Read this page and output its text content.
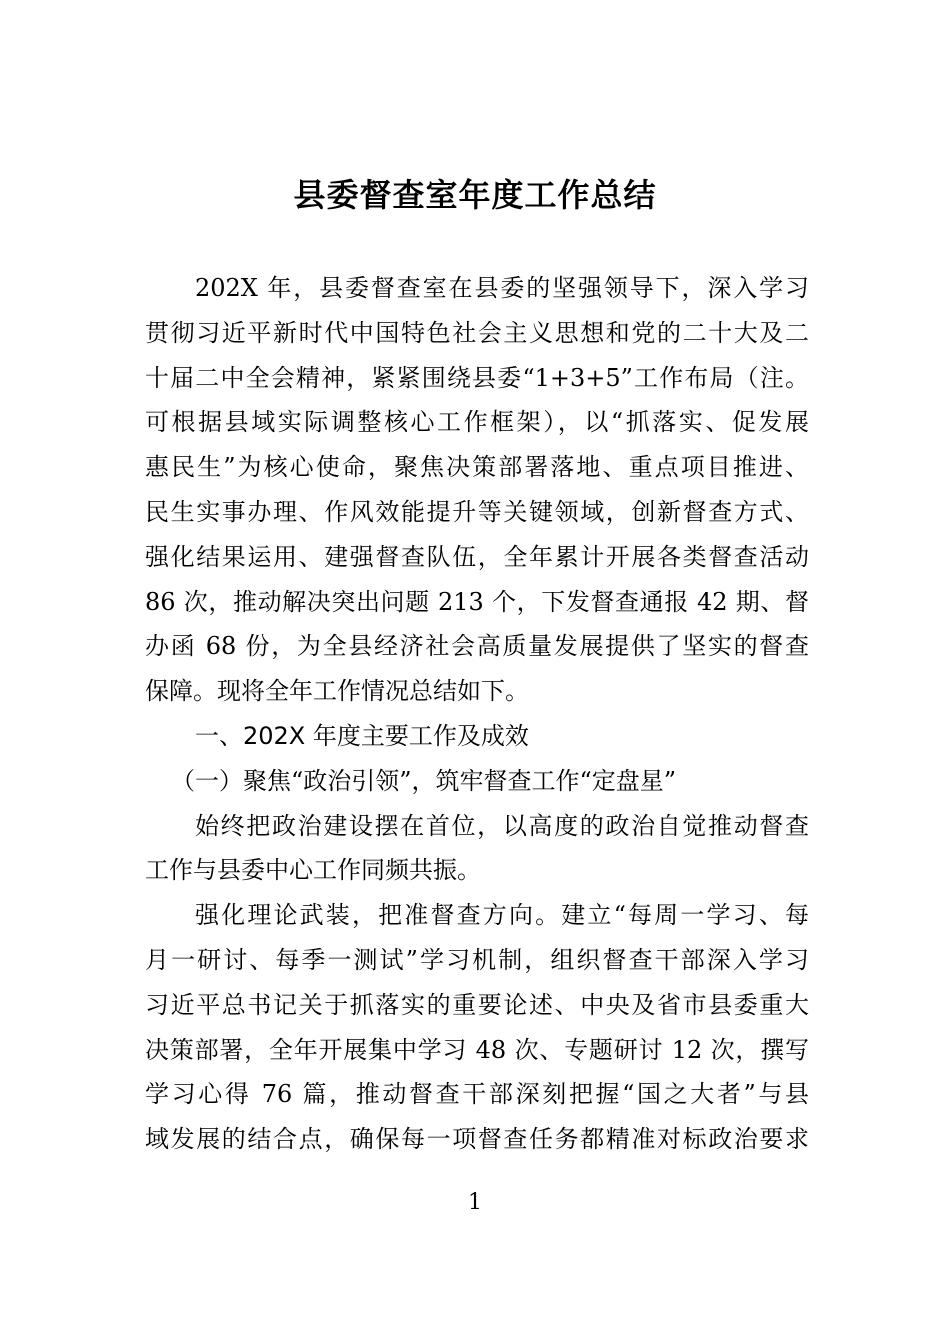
县委督查室年度工作总结
202X 年，县委督查室在县委的坚强领导下，深入学习
贯彻习近平新时代中国特色社会主义思想和党的二十大及二
十届二中全会精神，紧紧围绕县委“1+3+5”工作布局（注。
可根据县域实际调整核心工作框架），以“抓落实、促发展
惠民生”为核心使命，聚焦决策部署落地、重点项目推进、
民生实事办理、作风效能提升等关键领域，创新督查方式、
强化结果运用、建强督查队伍，全年累计开展各类督查活动
86 次，推动解决突出问题 213 个，下发督查通报 42 期、督
办函 68 份，为全县经济社会高质量发展提供了坚实的督查
保障。现将全年工作情况总结如下。
一、202X 年度主要工作及成效
（一）聚焦“政治引领”，筑牢督查工作“定盘星”
始终把政治建设摆在首位，以高度的政治自觉推动督查
工作与县委中心工作同频共振。
强化理论武装，把准督查方向。建立“每周一学习、每
月一研讨、每季一测试”学习机制，组织督查干部深入学习
习近平总书记关于抓落实的重要论述、中央及省市县委重大
决策部署，全年开展集中学习 48 次、专题研讨 12 次，撰写
学习心得 76 篇，推动督查干部深刻把握“国之大者”与县
域发展的结合点，确保每一项督查任务都精准对标政治要求
1
